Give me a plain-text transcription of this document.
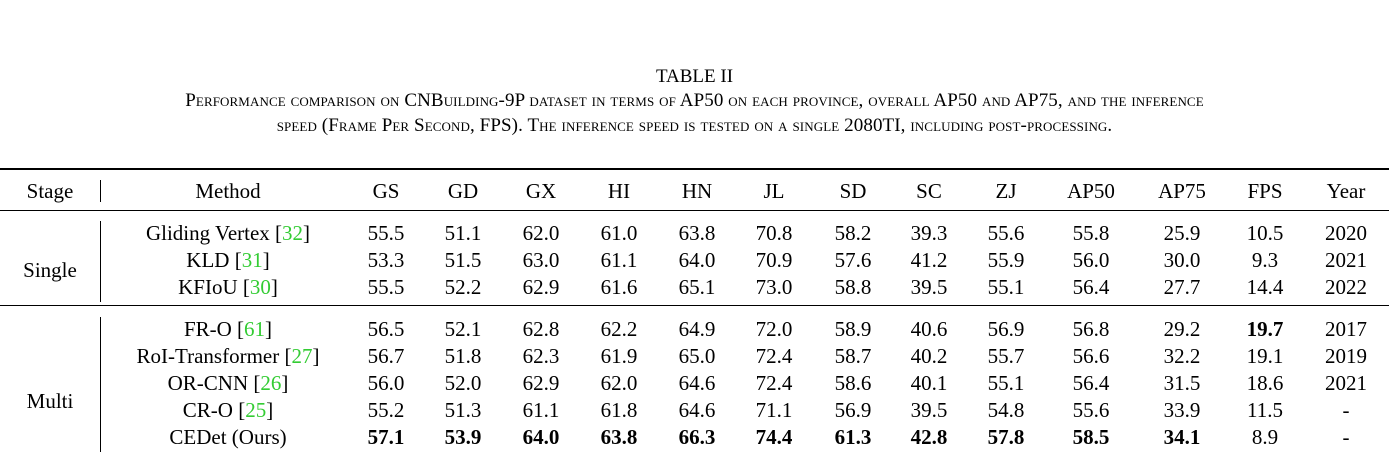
TABLE II
Performance comparison on CNBuilding-9P dataset in terms of AP50 on each province, overall AP50 and AP75, and the inference
speed (Frame Per Second, FPS). The inference speed is tested on a single 2080TI, including post-processing.
Stage	Method	GS GD GX HI HN JL	SD SC	ZJ AP50 AP75 FPS Year
Single
Gliding Vertex [32]	55.5 51.1 62.0 61.0 63.8 70.8 58.2 39.3 55.6 55.8	25.9 10.5 2020
KLD [31]	53.3 51.5 63.0 61.1 64.0 70.9 57.6 41.2 55.9 56.0	30.0 9.3 2021
KFIoU [30]	55.5 52.2 62.9 61.6 65.1 73.0 58.8 39.5 55.1 56.4	27.7 14.4 2022
Multi
FR-O [61]	56.5 52.1 62.8 62.2 64.9 72.0 58.9 40.6 56.9 56.8	29.2 19.7 2017
RoI-Transformer [27] 56.7 51.8 62.3 61.9 65.0 72.4 58.7 40.2 55.7 56.6	32.2 19.1 2019
OR-CNN [26]	56.0 52.0 62.9 62.0 64.6 72.4 58.6 40.1 55.1 56.4	31.5 18.6 2021
CR-O [25]	55.2 51.3 61.1 61.8 64.6 71.1 56.9 39.5 54.8 55.6	33.9 11.5	-
CEDet (Ours)	57.1 53.9 64.0 63.8 66.3 74.4 61.3 42.8 57.8 58.5	34.1 8.9	-
